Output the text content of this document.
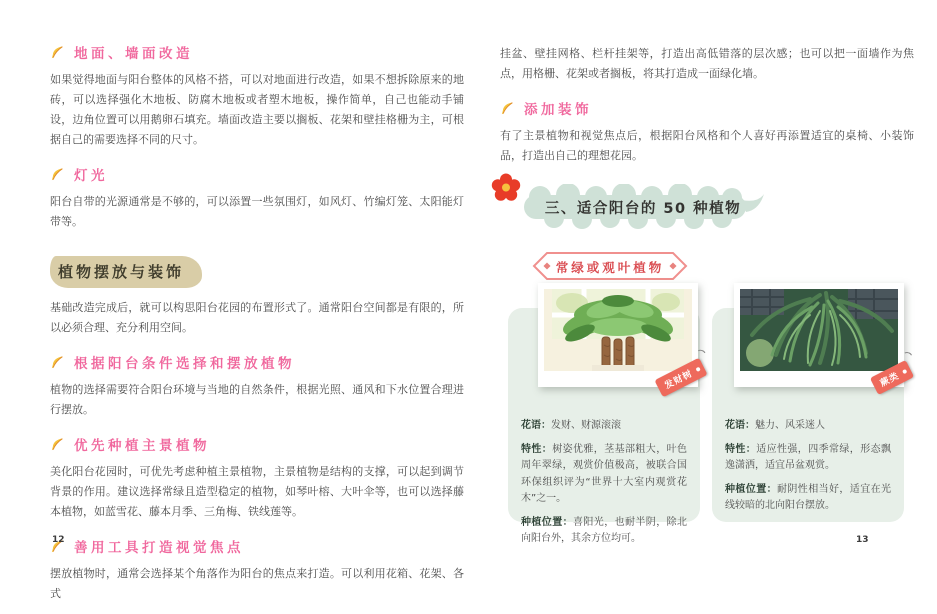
地面、墙面改造

如果觉得地面与阳台整体的风格不搭，可以对地面进行改造，如果不想拆除原来的地砖，可以选择强化木地板、防腐木地板或者塑木地板，操作简单，自己也能动手铺设，边角位置可以用鹅卵石填充。墙面改造主要以搁板、花架和壁挂格栅为主，可根据自己的需要选择不同的尺寸。

灯光

阳台自带的光源通常是不够的，可以添置一些氛围灯，如风灯、竹编灯笼、太阳能灯带等。

植物摆放与装饰

基础改造完成后，就可以构思阳台花园的布置形式了。通常阳台空间都是有限的，所以必须合理、充分利用空间。

根据阳台条件选择和摆放植物

植物的选择需要符合阳台环境与当地的自然条件，根据光照、通风和下水位置合理进行摆放。

优先种植主景植物

美化阳台花园时，可优先考虑种植主景植物，主景植物是结构的支撑，可以起到调节背景的作用。建议选择常绿且造型稳定的植物，如琴叶榕、大叶伞等，也可以选择藤本植物，如蓝雪花、藤本月季、三角梅、铁线莲等。

善用工具打造视觉焦点

摆放植物时，通常会选择某个角落作为阳台的焦点来打造。可以利用花箱、花架、各式

挂盆、壁挂网格、栏杆挂架等，打造出高低错落的层次感；也可以把一面墙作为焦点，用格栅、花架或者搁板，将其打造成一面绿化墙。

添加装饰

有了主景植物和视觉焦点后，根据阳台风格和个人喜好再添置适宜的桌椅、小装饰品，打造出自己的理想花园。

三、适合阳台的 50 种植物
常绿或观叶植物
发财树

花语：发财、财源滚滚

特性：树姿优雅，茎基部粗大，叶色周年翠绿，观赏价值极高，被联合国环保组织评为“世界十大室内观赏花木”之一。

种植位置：喜阳光，也耐半阴，除北向阳台外，其余方位均可。

蕨类

花语：魅力、风采迷人

特性：适应性强，四季常绿，形态飘逸潇洒，适宜吊盆观赏。

种植位置：耐阴性相当好，适宜在光线较暗的北向阳台摆放。

12	13
